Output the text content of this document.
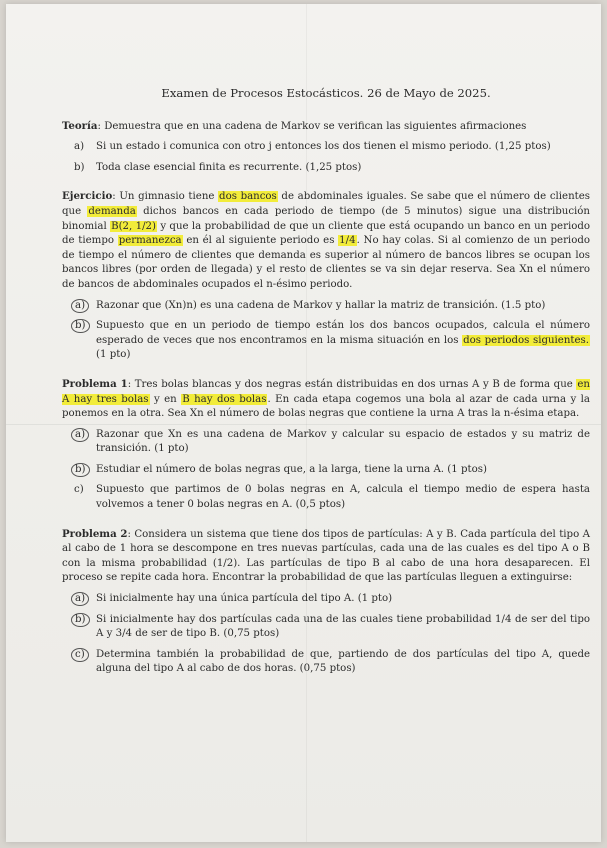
Examen de Procesos Estocásticos. 26 de Mayo de 2025.
Teoría: Demuestra que en una cadena de Markov se verifican las siguientes afirmaciones
a)	Si un estado i comunica con otro j entonces los dos tienen el mismo periodo. (1,25 ptos)
b)	Toda clase esencial finita es recurrente. (1,25 ptos)
Ejercicio: Un gimnasio tiene dos bancos de abdominales iguales. Se sabe que el número de clientes que demanda dichos bancos en cada periodo de tiempo (de 5 minutos) sigue una distribución binomial B(2, 1/2) y que la probabilidad de que un cliente que está ocupando un banco en un periodo de tiempo permanezca en él al siguiente periodo es 1/4. No hay colas. Si al comienzo de un periodo de tiempo el número de clientes que demanda es superior al número de bancos libres se ocupan los bancos libres (por orden de llegada) y el resto de clientes se va sin dejar reserva. Sea Xn el número de bancos de abdominales ocupados el n-ésimo periodo.
a)	Razonar que (Xn)n) es una cadena de Markov y hallar la matriz de transición. (1.5 pto)
b)	Supuesto que en un periodo de tiempo están los dos bancos ocupados, calcula el número esperado de veces que nos encontramos en la misma situación en los dos periodos siguientes. (1 pto)
Problema 1: Tres bolas blancas y dos negras están distribuidas en dos urnas A y B de forma que en A hay tres bolas y en B hay dos bolas. En cada etapa cogemos una bola al azar de cada urna y la ponemos en la otra. Sea Xn el número de bolas negras que contiene la urna A tras la n-ésima etapa.
a)	Razonar que Xn es una cadena de Markov y calcular su espacio de estados y su matriz de transición. (1 pto)
b)	Estudiar el número de bolas negras que, a la larga, tiene la urna A. (1 ptos)
c)	Supuesto que partimos de 0 bolas negras en A, calcula el tiempo medio de espera hasta volvemos a tener 0 bolas negras en A. (0,5 ptos)
Problema 2: Considera un sistema que tiene dos tipos de partículas: A y B. Cada partícula del tipo A al cabo de 1 hora se descompone en tres nuevas partículas, cada una de las cuales es del tipo A o B con la misma probabilidad (1/2). Las partículas de tipo B al cabo de una hora desaparecen. El proceso se repite cada hora. Encontrar la probabilidad de que las partículas lleguen a extinguirse:
a)	Si inicialmente hay una única partícula del tipo A. (1 pto)
b)	Si inicialmente hay dos partículas cada una de las cuales tiene probabilidad 1/4 de ser del tipo A y 3/4 de ser de tipo B. (0,75 ptos)
c)	Determina también la probabilidad de que, partiendo de dos partículas del tipo A, quede alguna del tipo A al cabo de dos horas. (0,75 ptos)
